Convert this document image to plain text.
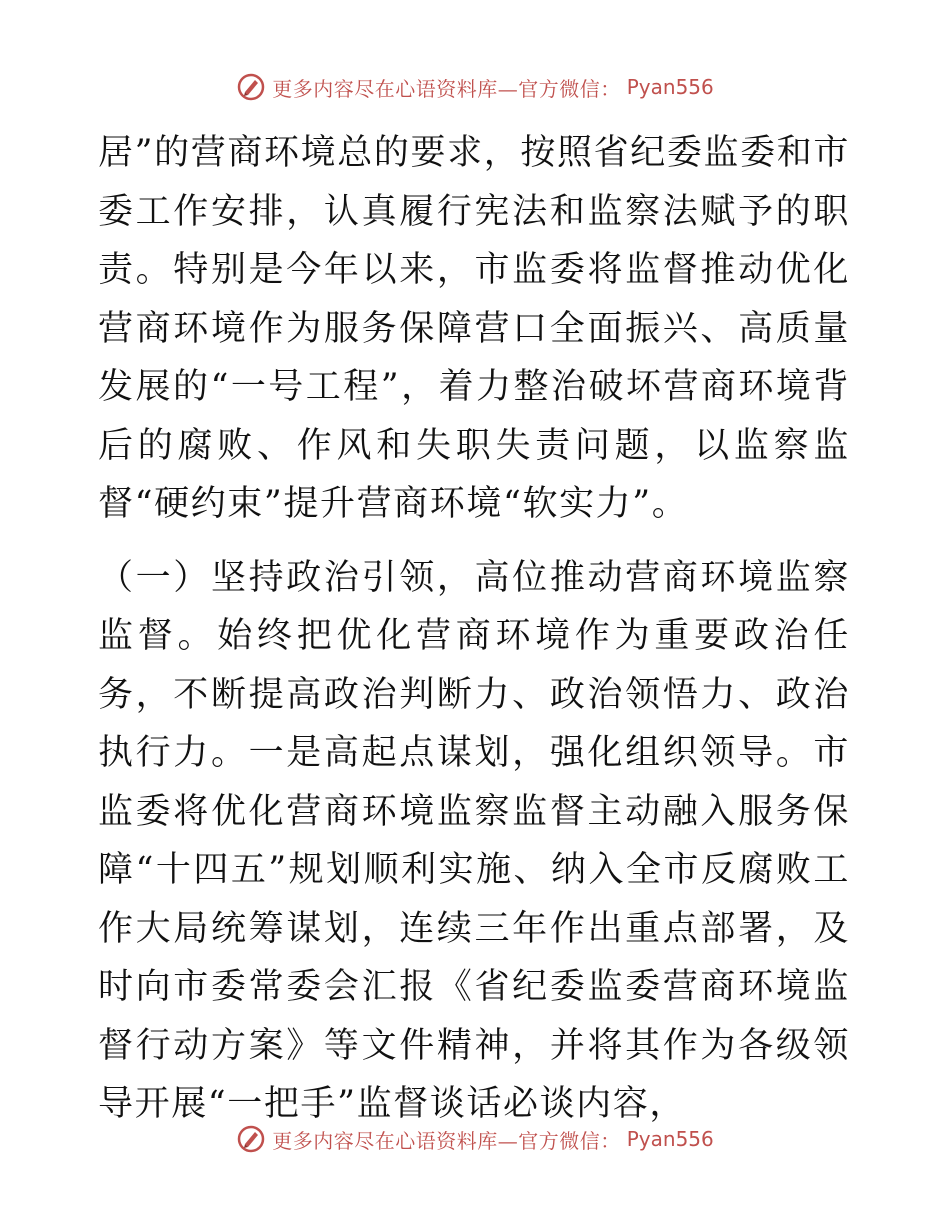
更多内容尽在心语资料库—官方微信： Pyan556

居”的营商环境总的要求，按照省纪委监委和市委工作安排，认真履行宪法和监察法赋予的职责。特别是今年以来，市监委将监督推动优化营商环境作为服务保障营口全面振兴、高质量发展的“一号工程”，着力整治破坏营商环境背后的腐败、作风和失职失责问题，以监察监督“硬约束”提升营商环境“软实力”。

（一）坚持政治引领，高位推动营商环境监察监督。始终把优化营商环境作为重要政治任务，不断提高政治判断力、政治领悟力、政治执行力。一是高起点谋划，强化组织领导。市监委将优化营商环境监察监督主动融入服务保障“十四五”规划顺利实施、纳入全市反腐败工作大局统筹谋划，连续三年作出重点部署，及时向市委常委会汇报《省纪委监委营商环境监督行动方案》等文件精神，并将其作为各级领导开展“一把手”监督谈话必谈内容，

更多内容尽在心语资料库—官方微信： Pyan556
